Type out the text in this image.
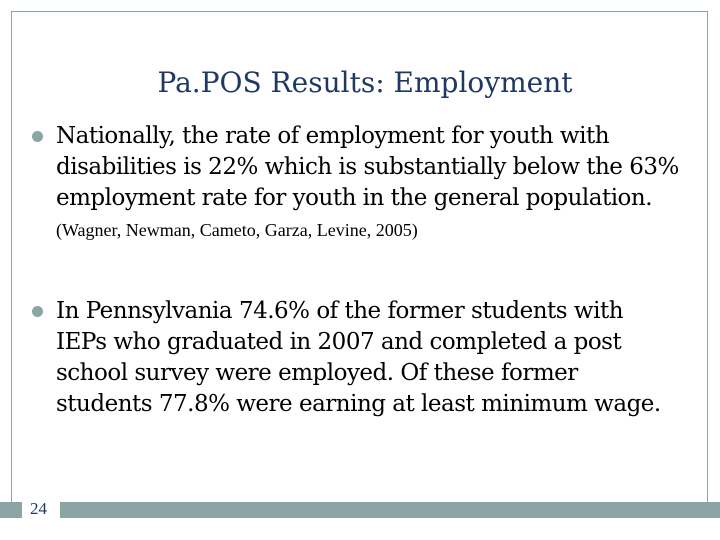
Pa.POS Results: Employment
Nationally, the rate of employment for youth with disabilities is 22% which is substantially below the 63% employment rate for youth in the general population. (Wagner, Newman, Cameto, Garza, Levine, 2005)
In Pennsylvania 74.6% of the former students with IEPs who graduated in 2007 and completed a post school survey were employed. Of these former students 77.8% were earning at least minimum wage.
24
